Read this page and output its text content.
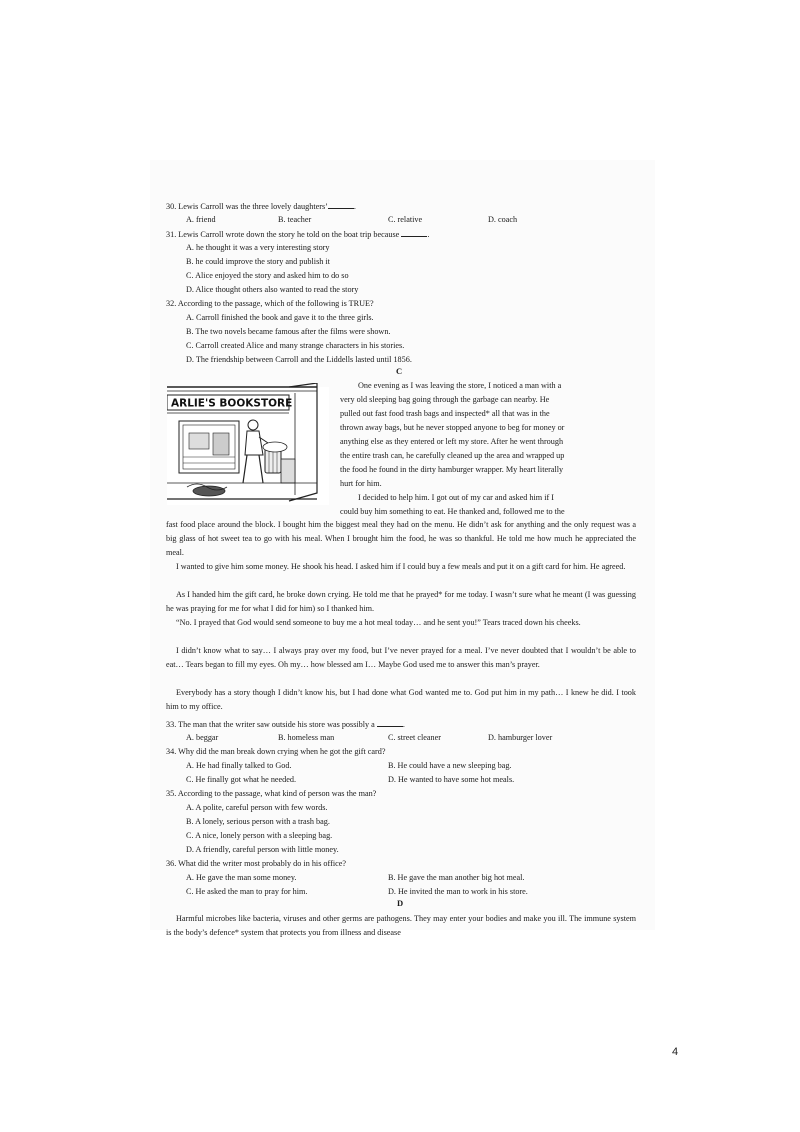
30. Lewis Carroll was the three lovely daughters’	.
A. friend	B. teacher	C. relative	D. coach
31. Lewis Carroll wrote down the story he told on the boat trip because	.
A. he thought it was a very interesting story
B. he could improve the story and publish it
C. Alice enjoyed the story and asked him to do so
D. Alice thought others also wanted to read the story
32. According to the passage, which of the following is TRUE?
A. Carroll finished the book and gave it to the three girls.
B. The two novels became famous after the films were shown.
C. Carroll created Alice and many strange characters in his stories.
D. The friendship between Carroll and the Liddells lasted until 1856.
C
ARLIE'S BOOKSTORE
One evening as I was leaving the store, I noticed a man with a
very old sleeping bag going through the garbage can nearby. He
pulled out fast food trash bags and inspected* all that was in the
thrown away bags, but he never stopped anyone to beg for money or
anything else as they entered or left my store. After he went through
the entire trash can, he carefully cleaned up the area and wrapped up
the food he found in the dirty hamburger wrapper. My heart literally
hurt for him.
I decided to help him. I got out of my car and asked him if I
could buy him something to eat. He thanked and, followed me to the
fast food place around the block. I bought him the biggest meal they had on the menu. He didn’t ask for anything and the only request was a big glass of hot sweet tea to go with his meal. When I brought him the food, he was so thankful. He told me how much he appreciated the meal.
I wanted to give him some money. He shook his head. I asked him if I could buy a few meals and put it on a gift card for him. He agreed.
As I handed him the gift card, he broke down crying. He told me that he prayed* for me today. I wasn’t sure what he meant (I was guessing he was praying for me for what I did for him) so I thanked him.
“No. I prayed that God would send someone to buy me a hot meal today… and he sent you!” Tears traced down his cheeks.
I didn’t know what to say… I always pray over my food, but I’ve never prayed for a meal. I’ve never doubted that I wouldn’t be able to eat… Tears began to fill my eyes. Oh my… how blessed am I… Maybe God used me to answer this man’s prayer.
Everybody has a story though I didn’t know his, but I had done what God wanted me to. God put him in my path… I knew he did. I took him to my office.
33. The man that the writer saw outside his store was possibly a	.
A. beggar	B. homeless man	C. street cleaner	D. hamburger lover
34. Why did the man break down crying when he got the gift card?
A. He had finally talked to God.	B. He could have a new sleeping bag.
C. He finally got what he needed.	D. He wanted to have some hot meals.
35. According to the passage, what kind of person was the man?
A. A polite, careful person with few words.
B. A lonely, serious person with a trash bag.
C. A nice, lonely person with a sleeping bag.
D. A friendly, careful person with little money.
36. What did the writer most probably do in his office?
A. He gave the man some money.	B. He gave the man another big hot meal.
C. He asked the man to pray for him.	D. He invited the man to work in his store.
D
Harmful microbes like bacteria, viruses and other germs are pathogens. They may enter your bodies and make you ill. The immune system is the body’s defence* system that protects you from illness and disease
4
